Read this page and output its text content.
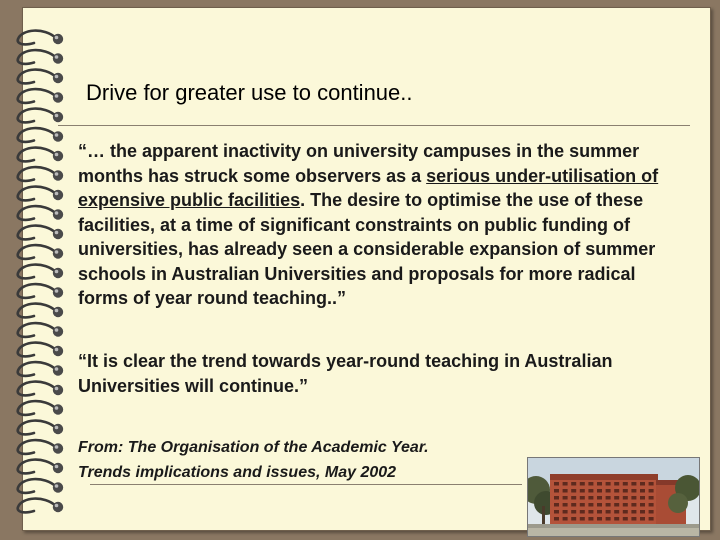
Drive for greater use to continue..
“… the apparent inactivity on university campuses in the summer months has struck some observers as a serious under-utilisation of expensive public facilities. The desire to optimise the use of these facilities, at a time of significant constraints on public funding of universities, has already seen a considerable expansion of summer schools in Australian Universities and proposals for more radical forms of year round teaching..”
“It is clear the trend towards year-round teaching in Australian Universities will continue.”
From: The Organisation of the Academic Year.
Trends implications and issues, May 2002
